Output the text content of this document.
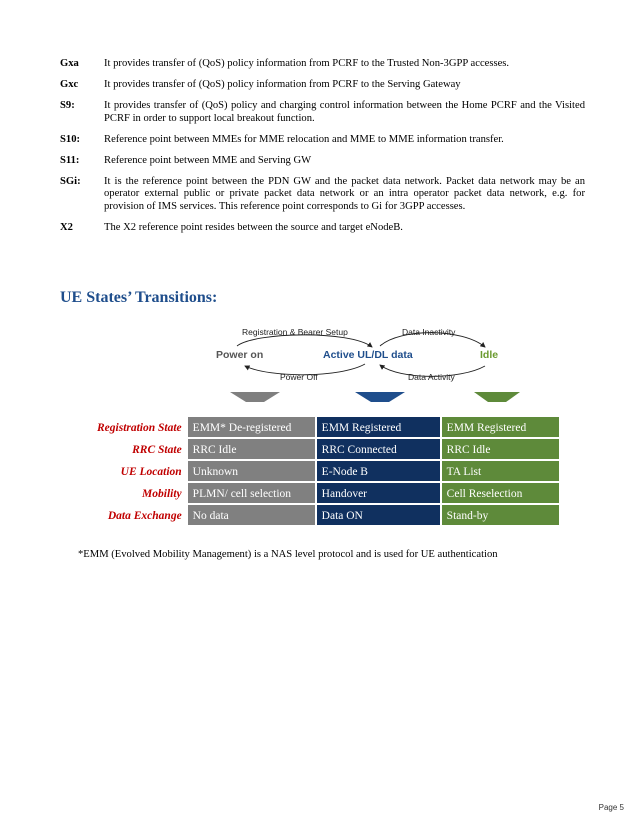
Gxa	It provides transfer of (QoS) policy information from PCRF to the Trusted Non-3GPP accesses.
Gxc	It provides transfer of (QoS) policy information from PCRF to the Serving Gateway
S9:	It provides transfer of (QoS) policy and charging control information between the Home PCRF and the Visited PCRF in order to support local breakout function.
S10:	Reference point between MMEs for MME relocation and MME to MME information transfer.
S11:	Reference point between MME and Serving GW
SGi:	It is the reference point between the PDN GW and the packet data network. Packet data network may be an operator external public or private packet data network or an intra operator packet data network, e.g. for provision of IMS services. This reference point corresponds to Gi for 3GPP accesses.
X2	The X2 reference point resides between the source and target eNodeB.
UE States’ Transitions:
Registration & Bearer Setup	Data Inactivity
Power Off	Data Activity
Power on	Active UL/DL data	Idle
Registration State	EMM* De-registered	EMM Registered	EMM Registered
RRC State	RRC Idle	RRC Connected	RRC Idle
UE Location	Unknown	E-Node B	TA List
Mobility	PLMN/ cell selection	Handover	Cell Reselection
Data Exchange	No data	Data ON	Stand-by
*EMM (Evolved Mobility Management) is a NAS level protocol and is used for UE authentication
Page 5
